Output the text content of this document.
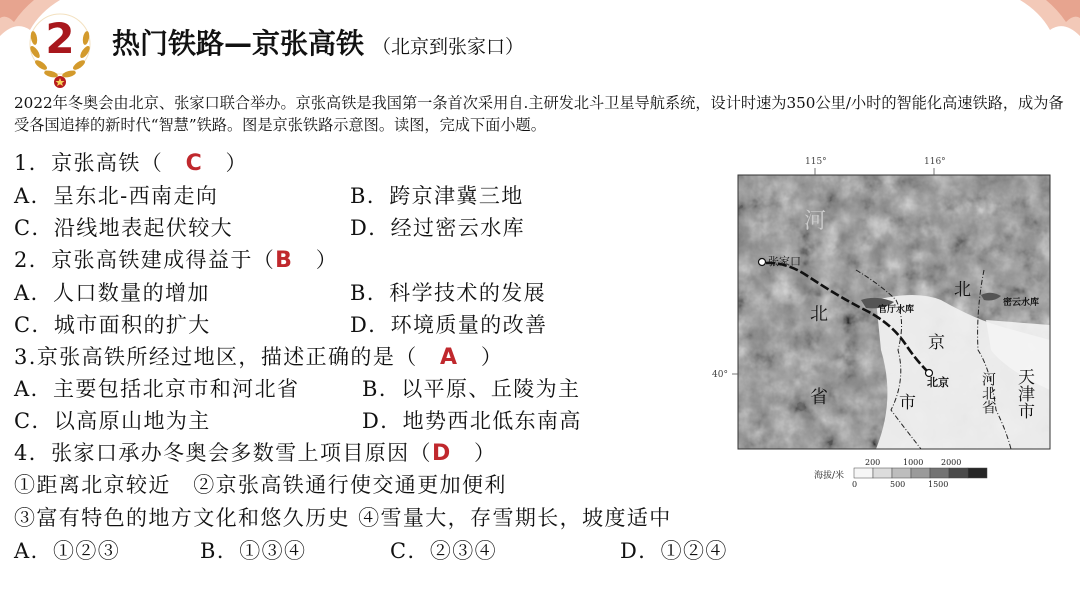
2 热门铁路—京张高铁 （北京到张家口）
2022年冬奥会由北京、张家口联合举办。京张高铁是我国第一条首次采用自.主研发北斗卫星导航系统，设计时速为350公里/小时的智能化高速铁路，成为备受各国追捧的新时代“智慧”铁路。图是京张铁路示意图。读图，完成下面小题。
1．京张高铁（　 C　 ）
A．呈东北-西南走向	B．跨京津冀三地
C．沿线地表起伏较大	D．经过密云水库
2．京张高铁建成得益于（B　 ）
A．人口数量的增加	B．科学技术的发展
C．城市面积的扩大	D．环境质量的改善
3.京张高铁所经过地区，描述正确的是（　 A　 ）
A．主要包括北京市和河北省	B．以平原、丘陵为主
C．以高原山地为主	D．地势西北低东南高
4．张家口承办冬奥会多数雪上项目原因（D　 ）
①距离北京较近　②京张高铁通行使交通更加便利
③富有特色的地方文化和悠久历史 ④雪量大，存雪期长，坡度适中
A．①②③	B．①③④	C．②③④	D．①②④
115°	116°
40°
张家口
官厅水库
密云水库
北京
河
北
省
北
京
市	河北省 天津市
海拔/米
200	1000 2000
0	500	1500
